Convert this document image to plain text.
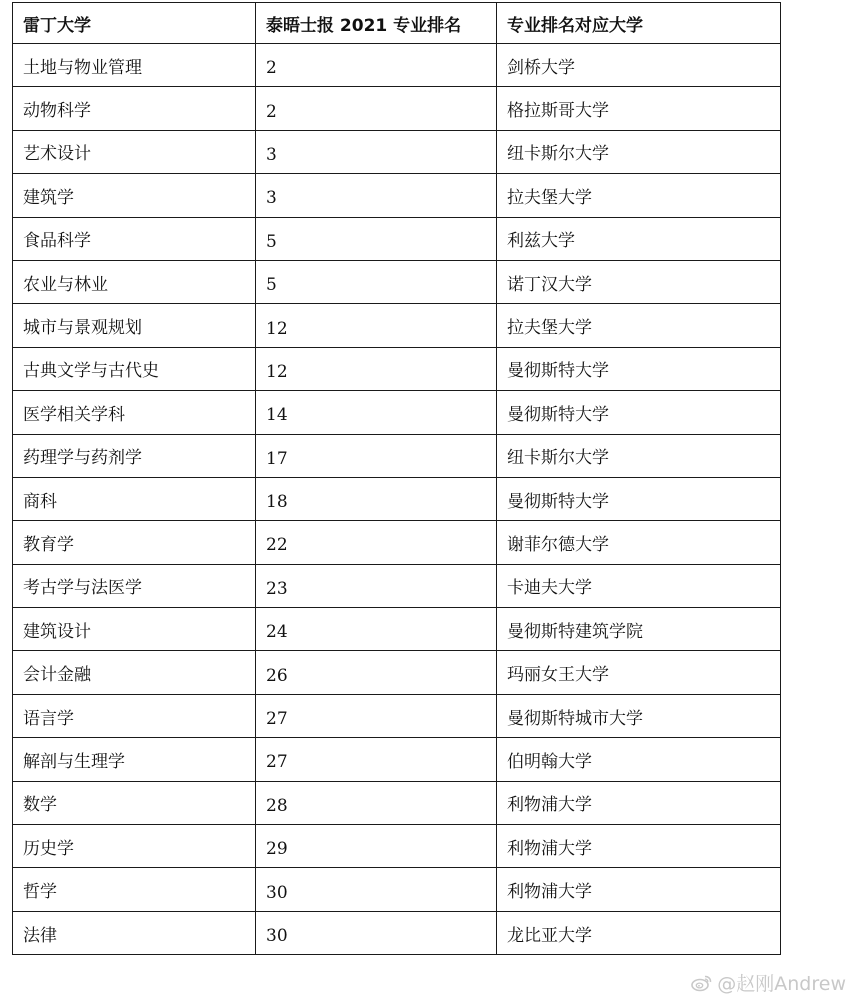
雷丁大学	泰晤士报 2021 专业排名	专业排名对应大学
土地与物业管理	2	剑桥大学
动物科学	2	格拉斯哥大学
艺术设计	3	纽卡斯尔大学
建筑学	3	拉夫堡大学
食品科学	5	利兹大学
农业与林业	5	诺丁汉大学
城市与景观规划	12	拉夫堡大学
古典文学与古代史	12	曼彻斯特大学
医学相关学科	14	曼彻斯特大学
药理学与药剂学	17	纽卡斯尔大学
商科	18	曼彻斯特大学
教育学	22	谢菲尔德大学
考古学与法医学	23	卡迪夫大学
建筑设计	24	曼彻斯特建筑学院
会计金融	26	玛丽女王大学
语言学	27	曼彻斯特城市大学
解剖与生理学	27	伯明翰大学
数学	28	利物浦大学
历史学	29	利物浦大学
哲学	30	利物浦大学
法律	30	龙比亚大学
@赵刚Andrew
